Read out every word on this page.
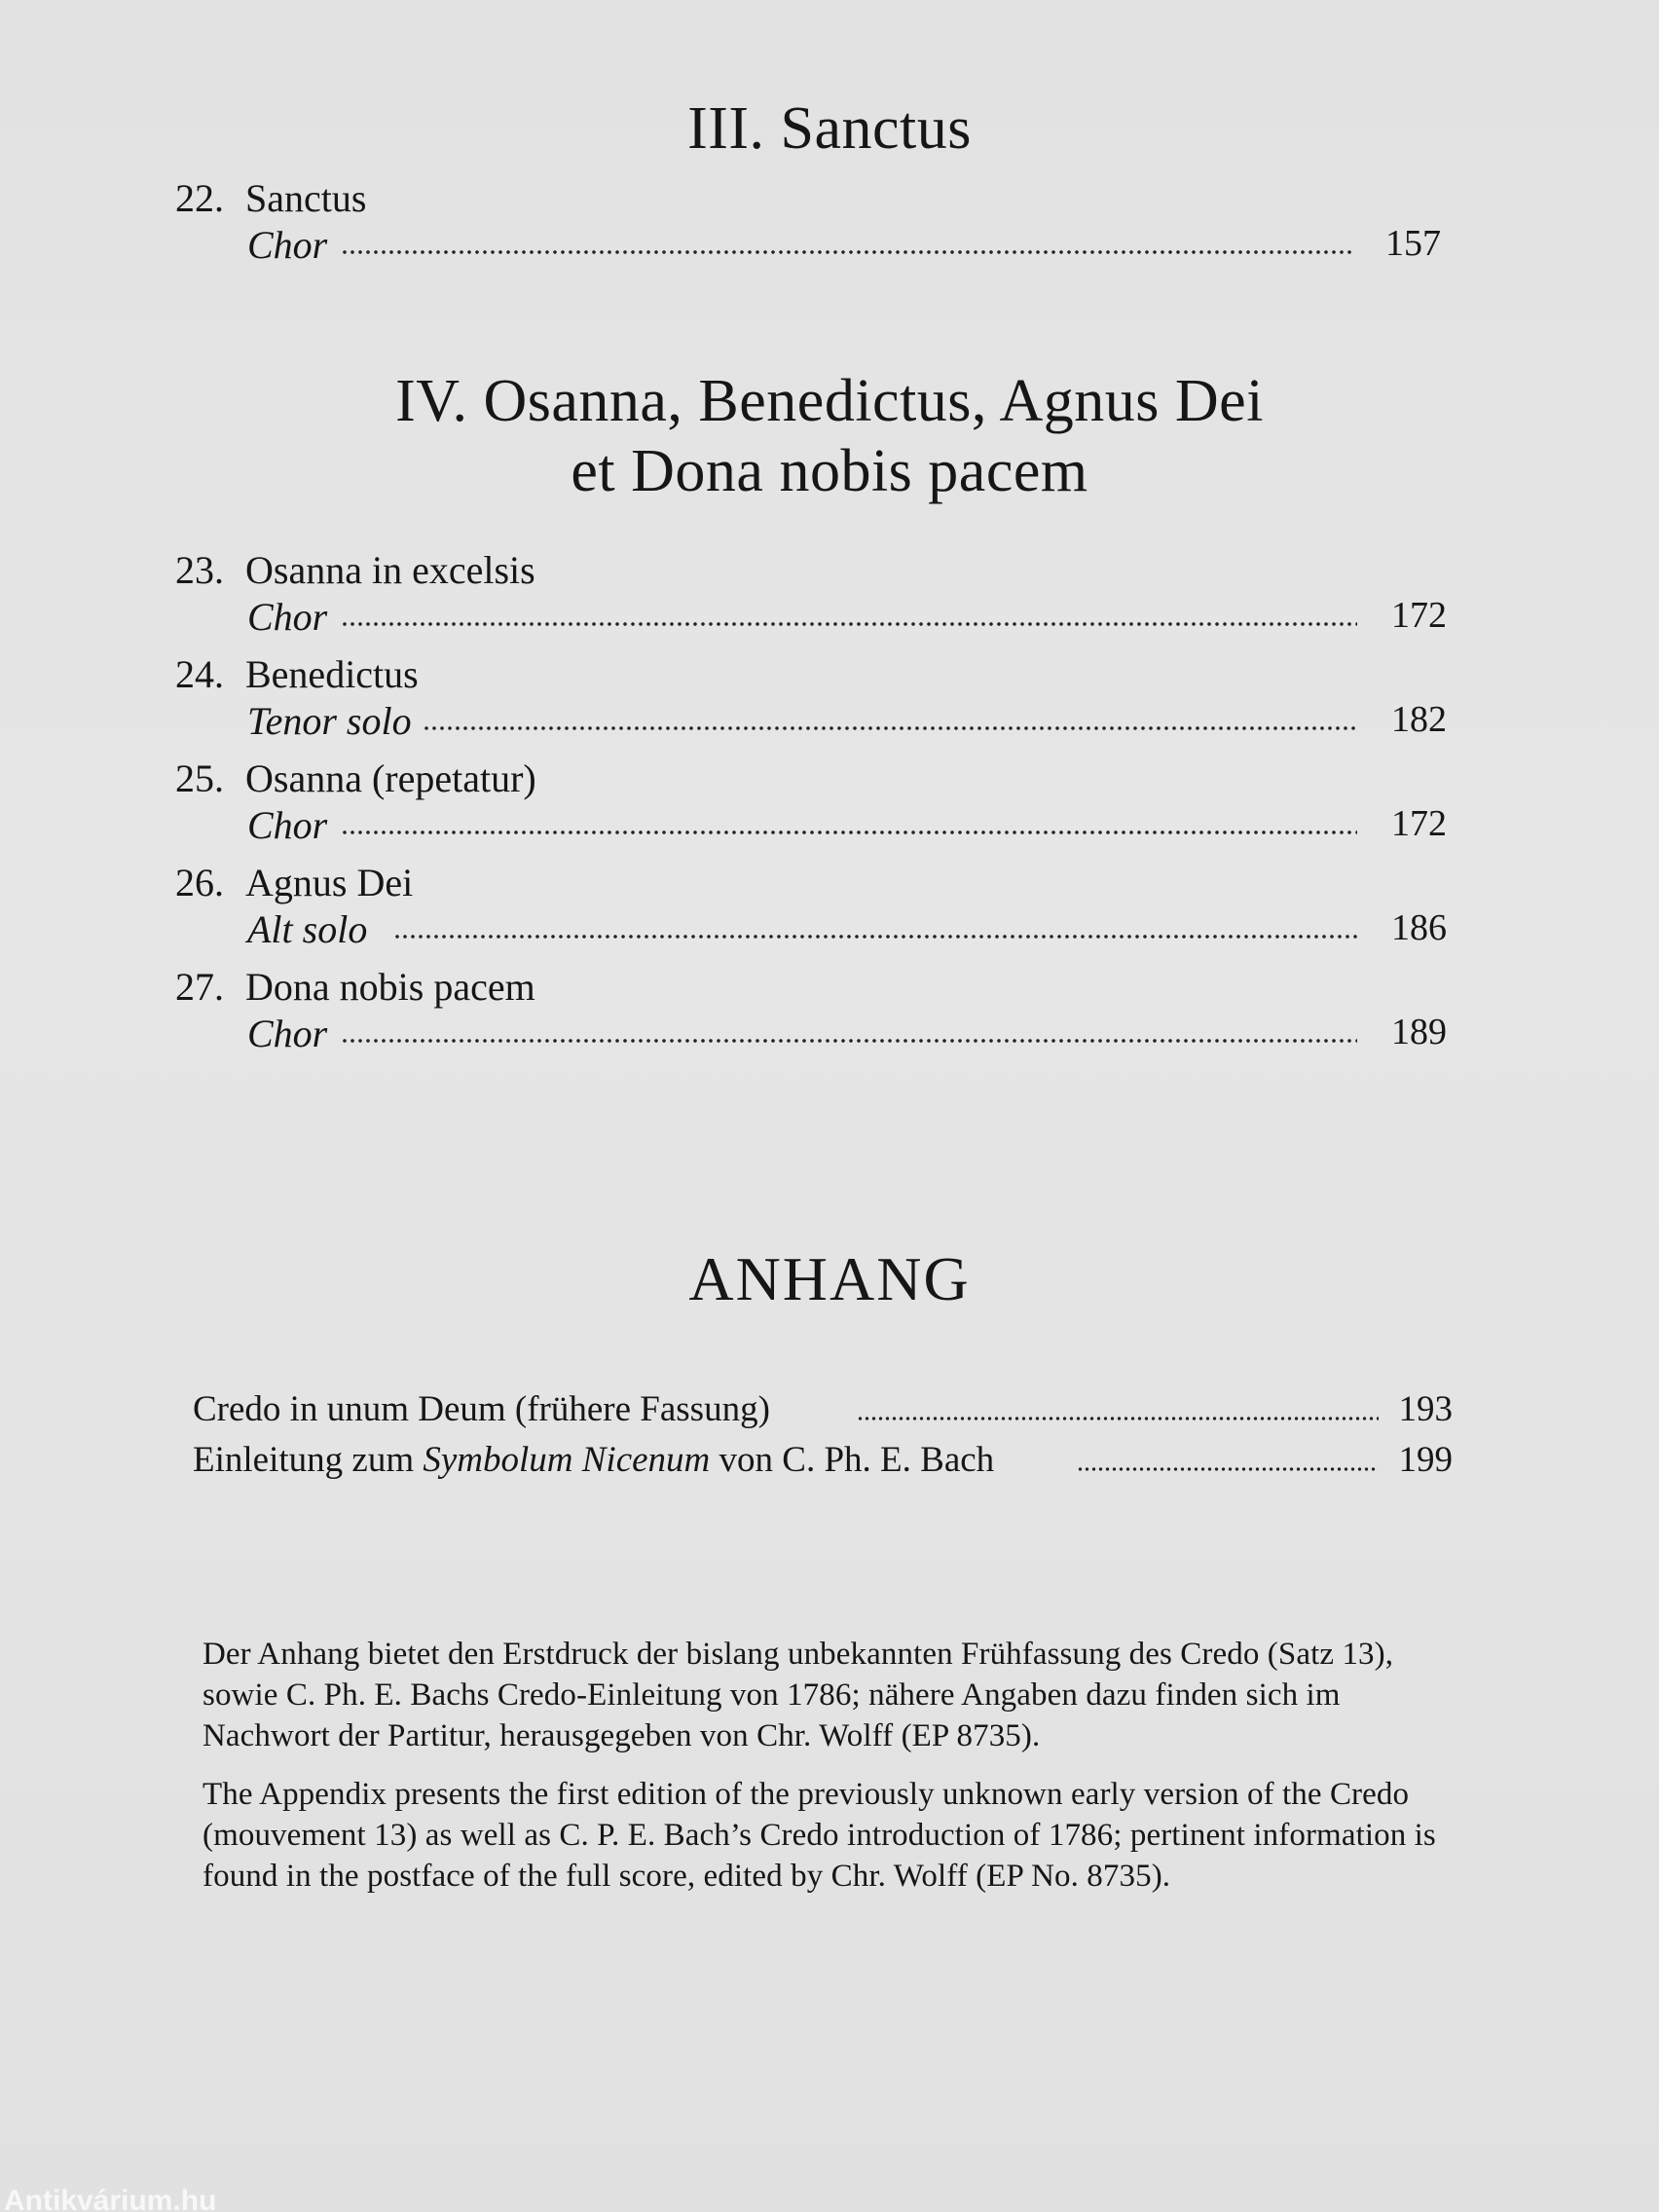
III. Sanctus
22. Sanctus
Chor	157
IV. Osanna, Benedictus, Agnus Dei
et Dona nobis pacem
23. Osanna in excelsis
Chor	172
24. Benedictus
Tenor solo	182
25. Osanna (repetatur)
Chor	172
26. Agnus Dei
Alt solo	186
27. Dona nobis pacem
Chor	189
ANHANG
Credo in unum Deum (frühere Fassung)	193
Einleitung zum Symbolum Nicenum von C. Ph. E. Bach	199
Der Anhang bietet den Erstdruck der bislang unbekannten Frühfassung des Credo (Satz 13), sowie C. Ph. E. Bachs Credo-Einleitung von 1786; nähere Angaben dazu finden sich im Nachwort der Partitur, herausgegeben von Chr. Wolff (EP 8735).
The Appendix presents the first edition of the previously unknown early version of the Credo (mouvement 13) as well as C. P. E. Bach’s Credo introduction of 1786; pertinent information is found in the postface of the full score, edited by Chr. Wolff (EP No. 8735).
Antikvárium.hu
